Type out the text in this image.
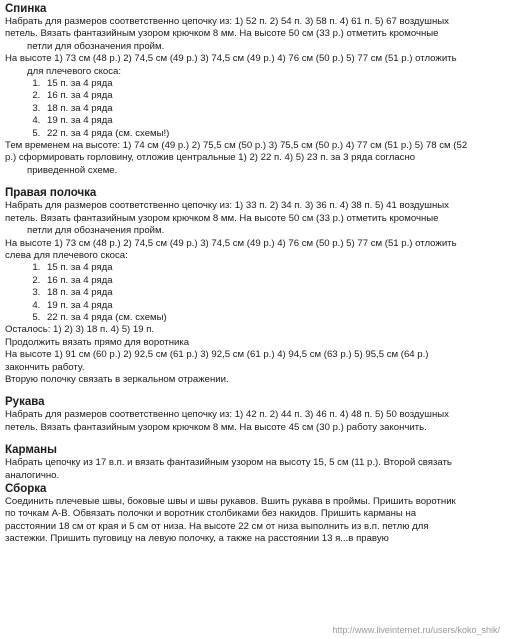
Спинка
Набрать для размеров соответственно цепочку из: 1) 52 п. 2) 54 п. 3) 58 п. 4) 61 п. 5) 67 воздушных
петель. Вязать фантазийным узором крючком 8 мм. На высоте 50 см (33 р.) отметить кромочные
петли для обозначения пройм.
На высоте 1) 73 см (48 р.) 2) 74,5 см (49 р.) 3) 74,5 см (49 р.) 4) 76 см (50 р.) 5) 77 см (51 р.) отложить
для плечевого скоса:
1. 15 п. за 4 ряда
2. 16 п. за 4 ряда
3. 18 п. за 4 ряда
4. 19 п. за 4 ряда
5. 22 п. за 4 ряда (см. схемы!)
Тем временем на высоте: 1) 74 см (49 р.) 2) 75,5 см (50 р.) 3) 75,5 см (50 р.) 4) 77 см (51 р.) 5) 78 см (52
р.) сформировать горловину, отложив центральные 1) 2) 22 п. 4) 5) 23 п. за 3 ряда согласно
приведенной схеме.
Правая полочка
Набрать для размеров соответственно цепочку из: 1) 33 п. 2) 34 п. 3) 36 п. 4) 38 п. 5) 41 воздушных
петель. Вязать фантазийным узором крючком 8 мм. На высоте 50 см (33 р.) отметить кромочные
петли для обозначения пройм.
На высоте 1) 73 см (48 р.) 2) 74,5 см (49 р.) 3) 74,5 см (49 р.) 4) 76 см (50 р.) 5) 77 см (51 р.) отложить
слева для плечевого скоса:
1. 15 п. за 4 ряда
2. 16 п. за 4 ряда
3. 18 п. за 4 ряда
4. 19 п. за 4 ряда
5. 22 п. за 4 ряда (см. схемы)
Осталось: 1) 2) 3) 18 п. 4) 5) 19 п.
Продолжить вязать прямо для воротника
На высоте 1) 91 см (60 р.) 2) 92,5 см (61 р.) 3) 92,5 см (61 р.) 4) 94,5 см (63 р.) 5) 95,5 см (64 р.)
закончить работу.
Вторую полочку связать в зеркальном отражении.
Рукава
Набрать для размеров соответственно цепочку из: 1) 42 п. 2) 44 п. 3) 46 п. 4) 48 п. 5) 50 воздушных
петель. Вязать фантазийным узором крючком 8 мм. На высоте 45 см (30 р.) работу закончить.
Карманы
Набрать цепочку из 17 в.п. и вязать фантазийным узором на высоту 15, 5 см (11 р.). Второй связать
аналогично.
Сборка
Соединить плечевые швы, боковые швы и швы рукавов. Вшить рукава в проймы. Пришить воротник
по точкам А-В. Обвязать полочки и воротник столбиками без накидов. Пришить карманы на
расстоянии 18 см от края и 5 см от низа. На высоте 22 см от низа выполнить из в.п. петлю для
застежки. Пришить пуговицу на левую полочку, а также на расстоянии 13 я...в правую
http://www.liveinternet.ru/users/koko_shik/
